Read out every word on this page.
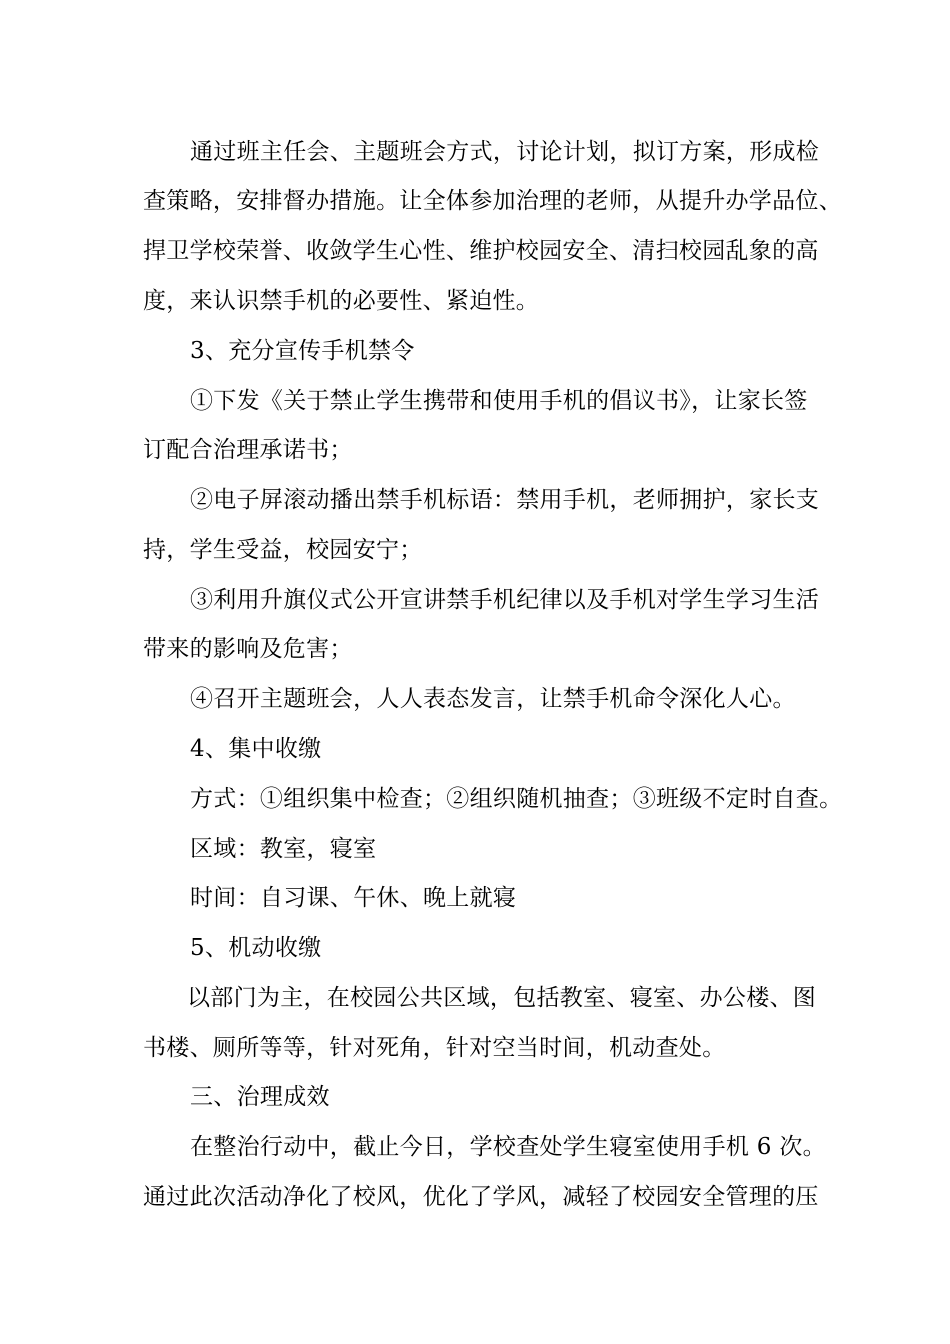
通过班主任会、主题班会方式，讨论计划，拟订方案，形成检
查策略，安排督办措施。让全体参加治理的老师，从提升办学品位、
捍卫学校荣誉、收敛学生心性、维护校园安全、清扫校园乱象的高
度，来认识禁手机的必要性、紧迫性。
3、充分宣传手机禁令
①下发《关于禁止学生携带和使用手机的倡议书》，让家长签
订配合治理承诺书；
②电子屏滚动播出禁手机标语：禁用手机，老师拥护，家长支
持，学生受益，校园安宁；
③利用升旗仪式公开宣讲禁手机纪律以及手机对学生学习生活
带来的影响及危害；
④召开主题班会，人人表态发言，让禁手机命令深化人心。
4、集中收缴
方式：①组织集中检查；②组织随机抽查；③班级不定时自查。
区域：教室，寝室
时间：自习课、午休、晚上就寝
5、机动收缴
以部门为主，在校园公共区域，包括教室、寝室、办公楼、图
书楼、厕所等等，针对死角，针对空当时间，机动查处。
三、治理成效
在整治行动中，截止今日，学校查处学生寝室使用手机 6 次。
通过此次活动净化了校风，优化了学风，减轻了校园安全管理的压
